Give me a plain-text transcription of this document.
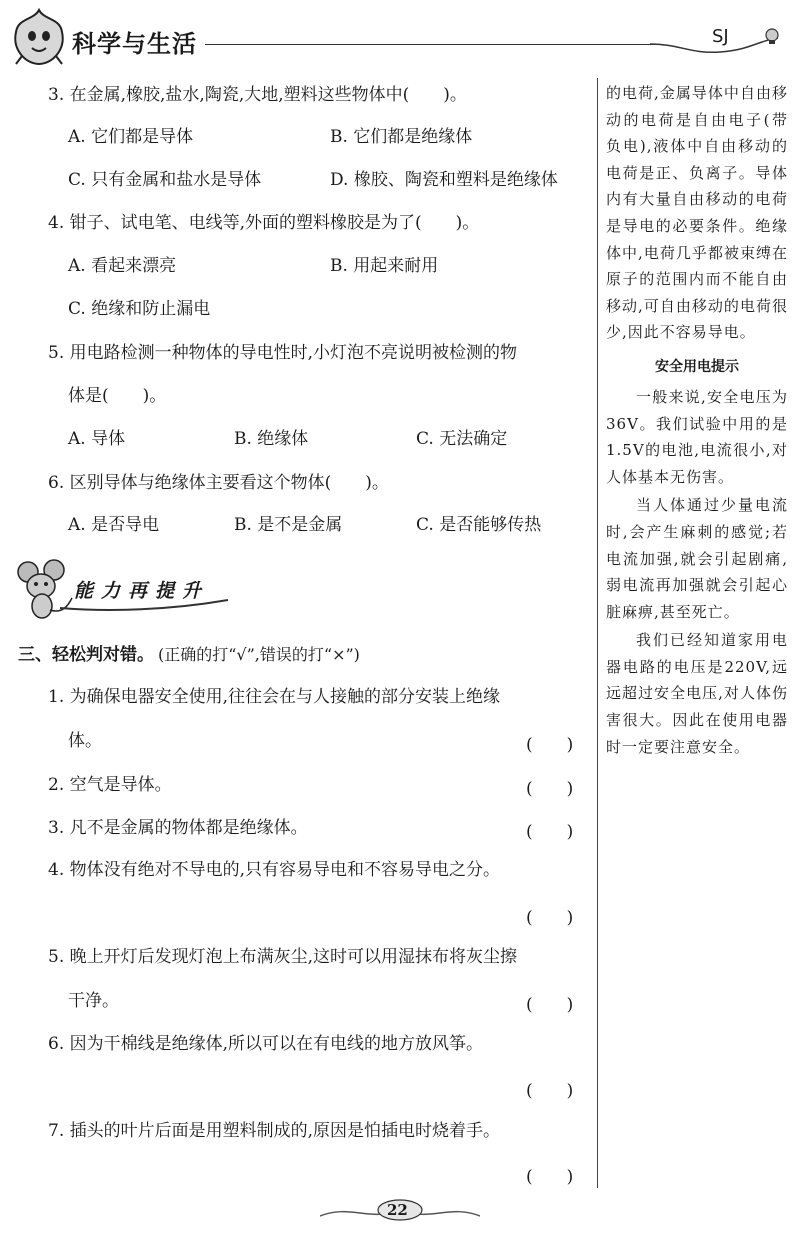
科学与生活	SJ
3. 在金属,橡胶,盐水,陶瓷,大地,塑料这些物体中(　　)。
A. 它们都是导体	B. 它们都是绝缘体
C. 只有金属和盐水是导体	D. 橡胶、陶瓷和塑料是绝缘体
4. 钳子、试电笔、电线等,外面的塑料橡胶是为了(　　)。
A. 看起来漂亮	B. 用起来耐用
C. 绝缘和防止漏电
5. 用电路检测一种物体的导电性时,小灯泡不亮说明被检测的物
体是(　　)。
A. 导体	B. 绝缘体	C. 无法确定
6. 区别导体与绝缘体主要看这个物体(　　)。
A. 是否导电	B. 是不是金属	C. 是否能够传热
能力再提升
三、轻松判对错。 (正确的打“√”,错误的打“×”)
1. 为确保电器安全使用,往往会在与人接触的部分安装上绝缘
体。	(　　)
2. 空气是导体。	(　　)
3. 凡不是金属的物体都是绝缘体。	(　　)
4. 物体没有绝对不导电的,只有容易导电和不容易导电之分。
(　　)
5. 晚上开灯后发现灯泡上布满灰尘,这时可以用湿抹布将灰尘擦
干净。	(　　)
6. 因为干棉线是绝缘体,所以可以在有电线的地方放风筝。
(　　)
7. 插头的叶片后面是用塑料制成的,原因是怕插电时烧着手。
(　　)

的电荷,金属导体中自由移动的电荷是自由电子(带负电),液体中自由移动的电荷是正、负离子。导体内有大量自由移动的电荷是导电的必要条件。绝缘体中,电荷几乎都被束缚在原子的范围内而不能自由移动,可自由移动的电荷很少,因此不容易导电。

安全用电提示

一般来说,安全电压为36V。我们试验中用的是1.5V的电池,电流很小,对人体基本无伤害。

当人体通过少量电流时,会产生麻刺的感觉;若电流加强,就会引起剧痛,弱电流再加强就会引起心脏麻痹,甚至死亡。

我们已经知道家用电器电路的电压是220V,远远超过安全电压,对人体伤害很大。因此在使用电器时一定要注意安全。

22
